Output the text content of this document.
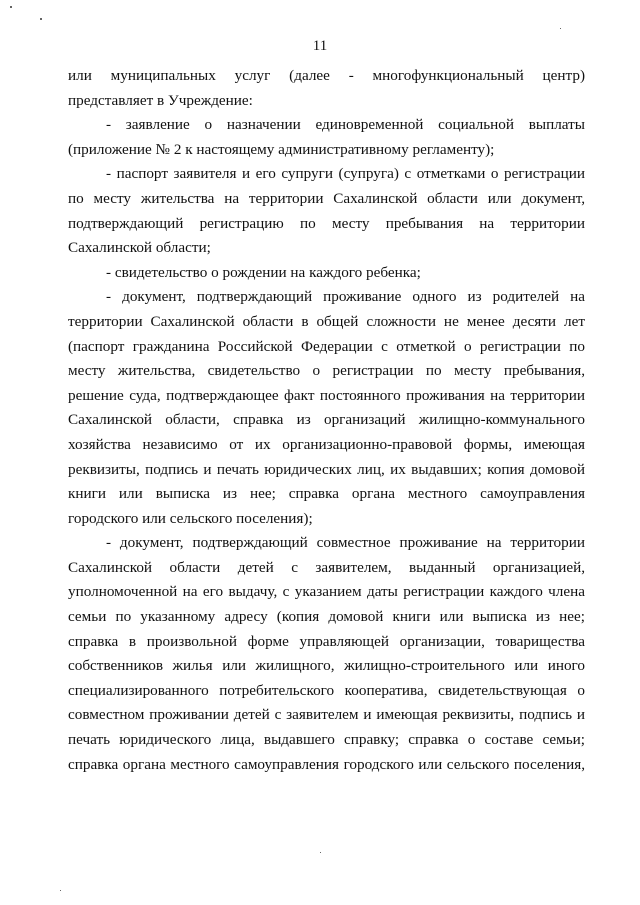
11
или муниципальных услуг (далее - многофункциональный центр)
представляет в Учреждение:
- заявление о назначении единовременной социальной выплаты
(приложение № 2 к настоящему административному регламенту);
- паспорт заявителя и его супруги (супруга) с отметками о регистрации
по месту жительства на территории Сахалинской области или документ,
подтверждающий регистрацию по месту пребывания на территории
Сахалинской области;
- свидетельство о рождении на каждого ребенка;
- документ, подтверждающий проживание одного из родителей на
территории Сахалинской области в общей сложности не менее десяти лет
(паспорт гражданина Российской Федерации с отметкой о регистрации по
месту жительства, свидетельство о регистрации по месту пребывания,
решение суда, подтверждающее факт постоянного проживания на территории
Сахалинской области, справка из организаций жилищно-коммунального
хозяйства независимо от их организационно-правовой формы, имеющая
реквизиты, подпись и печать юридических лиц, их выдавших; копия домовой
книги или выписка из нее; справка органа местного самоуправления
городского или сельского поселения);
- документ, подтверждающий совместное проживание на территории
Сахалинской области детей с заявителем, выданный организацией,
уполномоченной на его выдачу, с указанием даты регистрации каждого члена
семьи по указанному адресу (копия домовой книги или выписка из нее;
справка в произвольной форме управляющей организации, товарищества
собственников жилья или жилищного, жилищно-строительного или иного
специализированного потребительского кооператива, свидетельствующая о
совместном проживании детей с заявителем и имеющая реквизиты, подпись и
печать юридического лица, выдавшего справку; справка о составе семьи;
справка органа местного самоуправления городского или сельского поселения,
